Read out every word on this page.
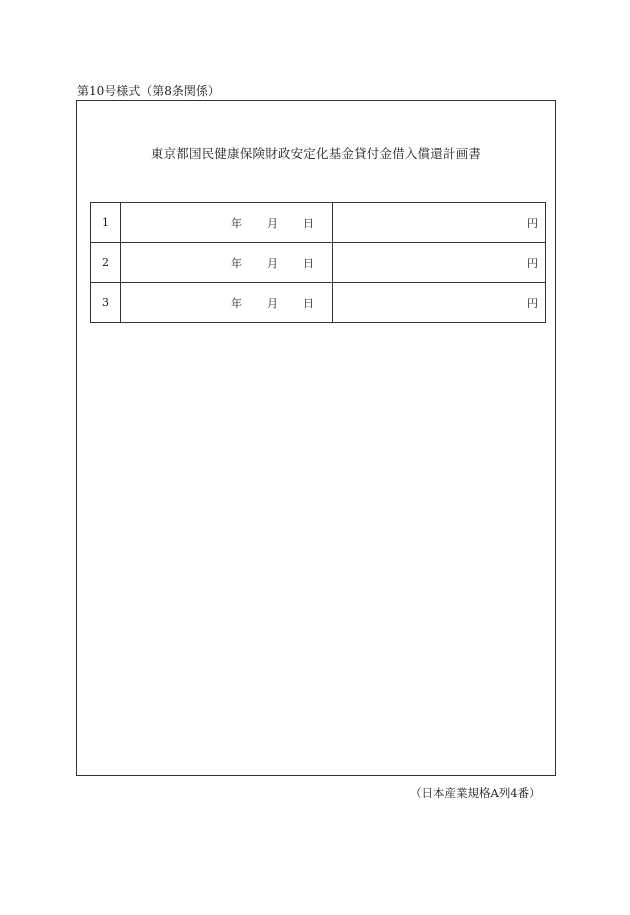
第10号様式（第8条関係）
東京都国民健康保険財政安定化基金貸付金借入償還計画書
1	年 月 日	円
2	年 月 日	円
3	年 月 日	円
（日本産業規格A列4番）
